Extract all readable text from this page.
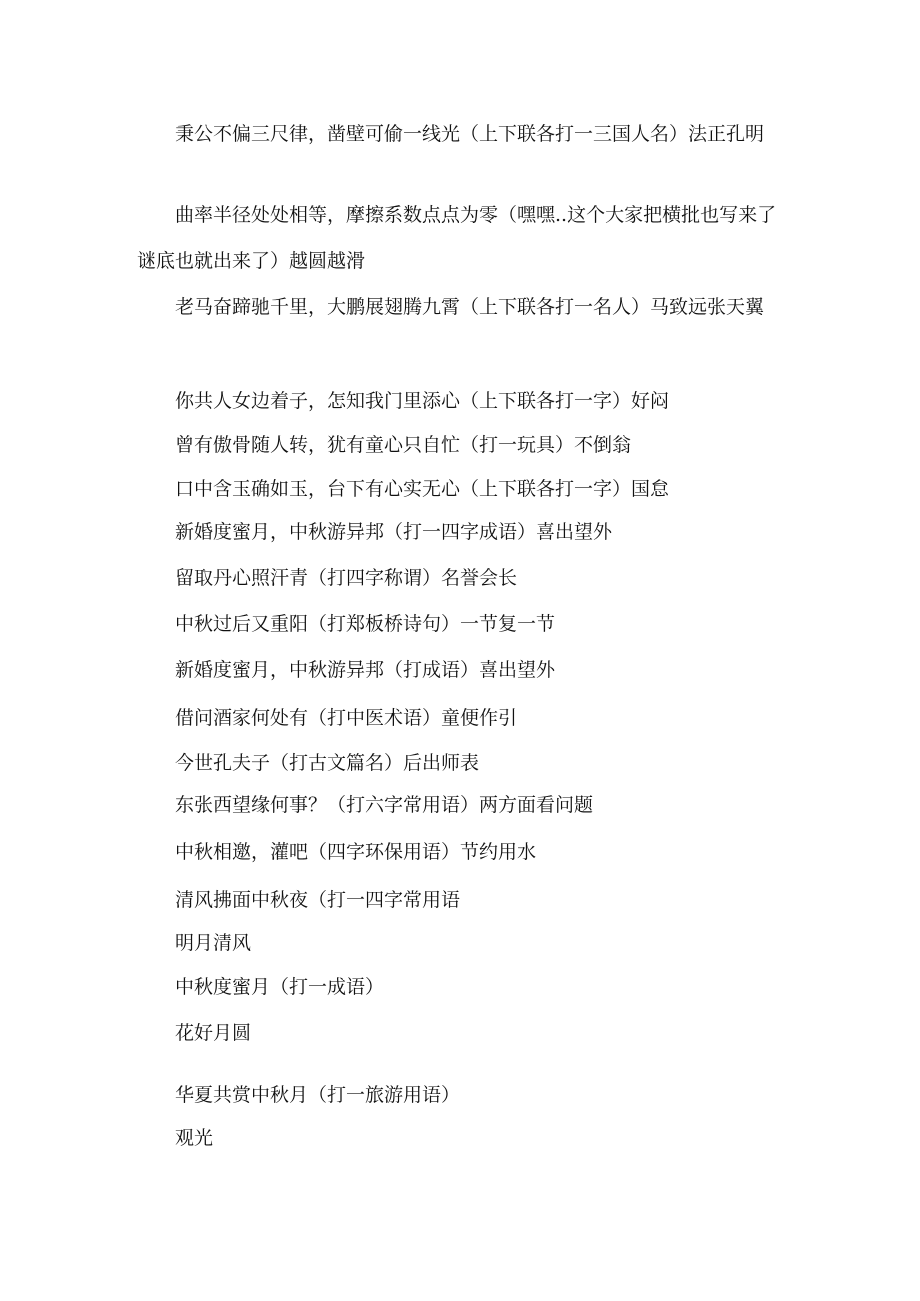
秉公不偏三尺律，凿壁可偷一线光（上下联各打一三国人名）法正孔明

曲率半径处处相等，摩擦系数点点为零（嘿嘿..这个大家把横批也写来了谜底也就出来了）越圆越滑

老马奋蹄驰千里，大鹏展翅腾九霄（上下联各打一名人）马致远张天翼

你共人女边着子，怎知我门里添心（上下联各打一字）好闷

曾有傲骨随人转，犹有童心只自忙（打一玩具）不倒翁

口中含玉确如玉，台下有心实无心（上下联各打一字）国怠

新婚度蜜月，中秋游异邦（打一四字成语）喜出望外

留取丹心照汗青（打四字称谓）名誉会长

中秋过后又重阳（打郑板桥诗句）一节复一节

新婚度蜜月，中秋游异邦（打成语）喜出望外

借问酒家何处有（打中医术语）童便作引

今世孔夫子（打古文篇名）后出师表

东张西望缘何事？（打六字常用语）两方面看问题

中秋相邀，灌吧（四字环保用语）节约用水

清风拂面中秋夜（打一四字常用语

明月清风

中秋度蜜月（打一成语）

花好月圆

华夏共赏中秋月（打一旅游用语）

观光
